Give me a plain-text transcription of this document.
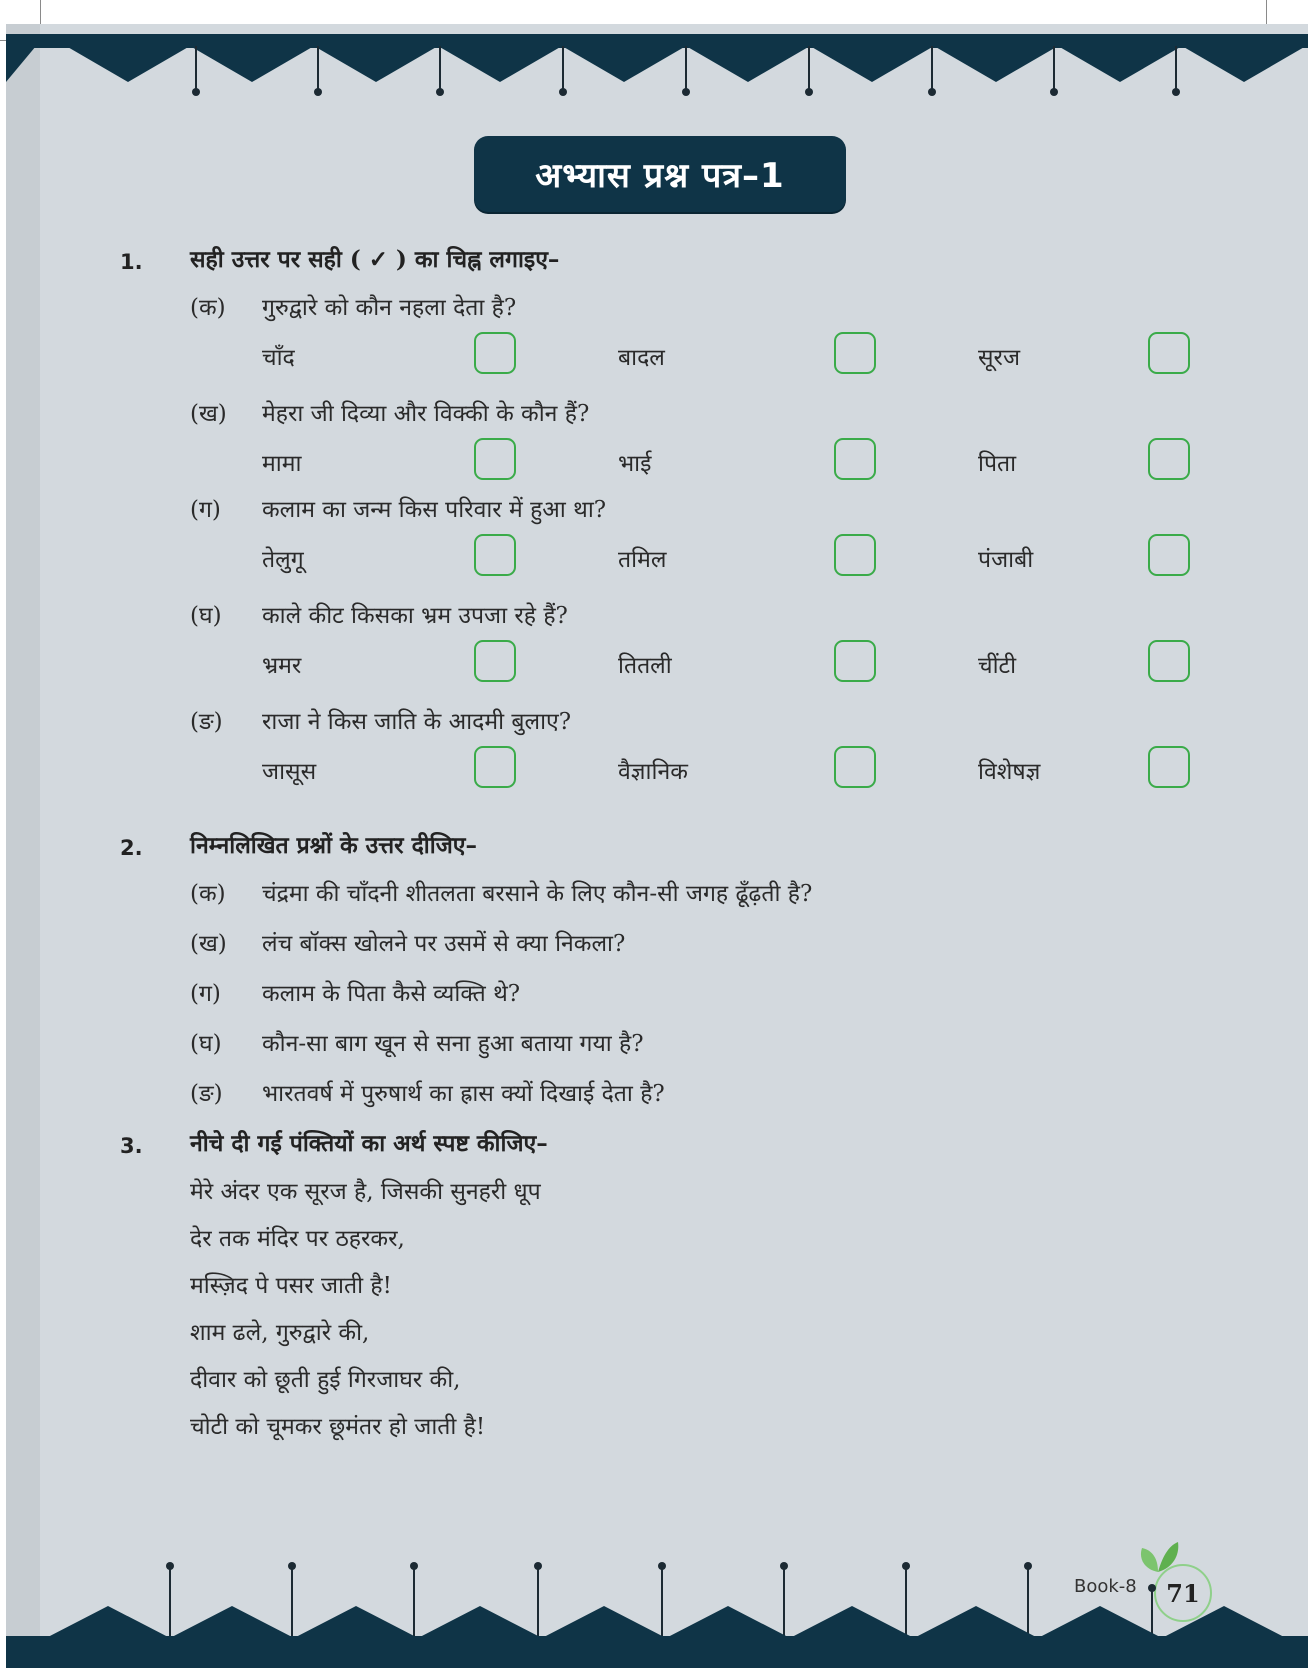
अभ्यास प्रश्न पत्र–1
1. सही उत्तर पर सही ( ✓ ) का चिह्न लगाइए–
(क) गुरुद्वारे को कौन नहला देता है?
चाँद	बादल	सूरज
(ख) मेहरा जी दिव्या और विक्की के कौन हैं?
मामा	भाई	पिता
(ग) कलाम का जन्म किस परिवार में हुआ था?
तेलुगू	तमिल	पंजाबी
(घ) काले कीट किसका भ्रम उपजा रहे हैं?
भ्रमर	तितली	चींटी
(ङ) राजा ने किस जाति के आदमी बुलाए?
जासूस	वैज्ञानिक	विशेषज्ञ
2. निम्नलिखित प्रश्नों के उत्तर दीजिए–
(क) चंद्रमा की चाँदनी शीतलता बरसाने के लिए कौन-सी जगह ढूँढ़ती है?
(ख) लंच बॉक्स खोलने पर उसमें से क्या निकला?
(ग) कलाम के पिता कैसे व्यक्ति थे?
(घ) कौन-सा बाग खून से सना हुआ बताया गया है?
(ङ) भारतवर्ष में पुरुषार्थ का ह्रास क्यों दिखाई देता है?
3. नीचे दी गई पंक्तियों का अर्थ स्पष्ट कीजिए–
मेरे अंदर एक सूरज है, जिसकी सुनहरी धूप
देर तक मंदिर पर ठहरकर,
मस्ज़िद पे पसर जाती है!
शाम ढले, गुरुद्वारे की,
दीवार को छूती हुई गिरजाघर की,
चोटी को चूमकर छूमंतर हो जाती है!
Book-8	71
